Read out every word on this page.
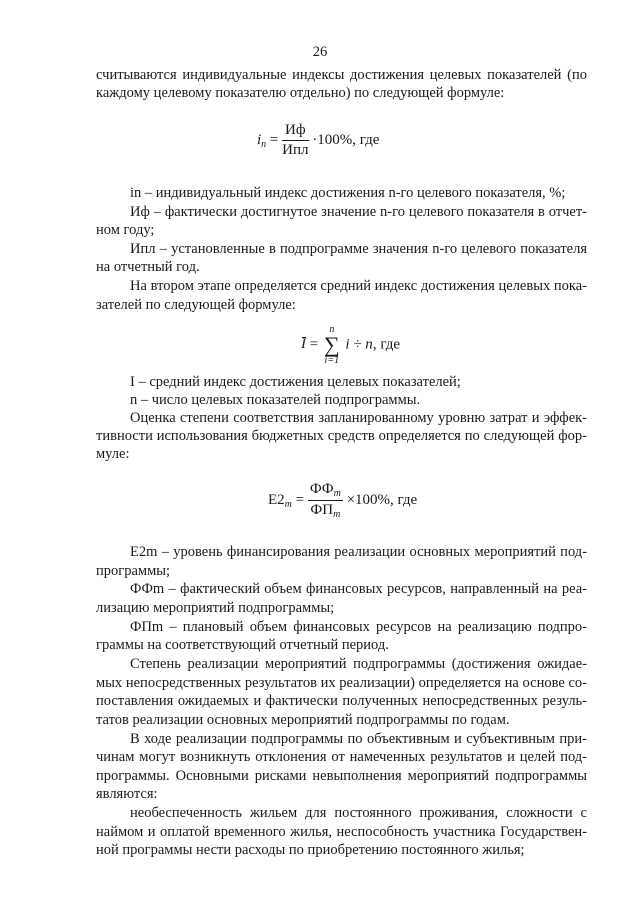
26
считываются индивидуальные индексы достижения целевых показателей (по
каждому целевому показателю отдельно) по следующей формуле:
$i_n = \frac{Иф}{\text{Ипл}} \cdot 100\%$, где
in – индивидуальный индекс достижения n-го целевого показателя, %;
Иф – фактически достигнутое значение n-го целевого показателя в отчет-
ном году;
Ипл – установленные в подпрограмме значения n-го целевого показателя
на отчетный год.
На втором этапе определяется средний индекс достижения целевых пока-
зателей по следующей формуле:
I =
n
∑
i=1
i ÷ n, где
I – средний индекс достижения целевых показателей;
n – число целевых показателей подпрограммы.
Оценка степени соответствия запланированному уровню затрат и эффек-
тивности использования бюджетных средств определяется по следующей фор-
муле:
$E2_m = \frac{ФФ_m}{ФП_m} \times 100\%$, где
E2m – уровень финансирования реализации основных мероприятий под-
программы;
ФФm – фактический объем финансовых ресурсов, направленный на реа-
лизацию мероприятий подпрограммы;
ФПm – плановый объем финансовых ресурсов на реализацию подпро-
граммы на соответствующий отчетный период.
Степень реализации мероприятий подпрограммы (достижения ожидае-
мых непосредственных результатов их реализации) определяется на основе со-
поставления ожидаемых и фактически полученных непосредственных резуль-
татов реализации основных мероприятий подпрограммы по годам.
В ходе реализации подпрограммы по объективным и субъективным при-
чинам могут возникнуть отклонения от намеченных результатов и целей под-
программы. Основными рисками невыполнения мероприятий подпрограммы
являются:
необеспеченность жильем для постоянного проживания, сложности с
наймом и оплатой временного жилья, неспособность участника Государствен-
ной программы нести расходы по приобретению постоянного жилья;
